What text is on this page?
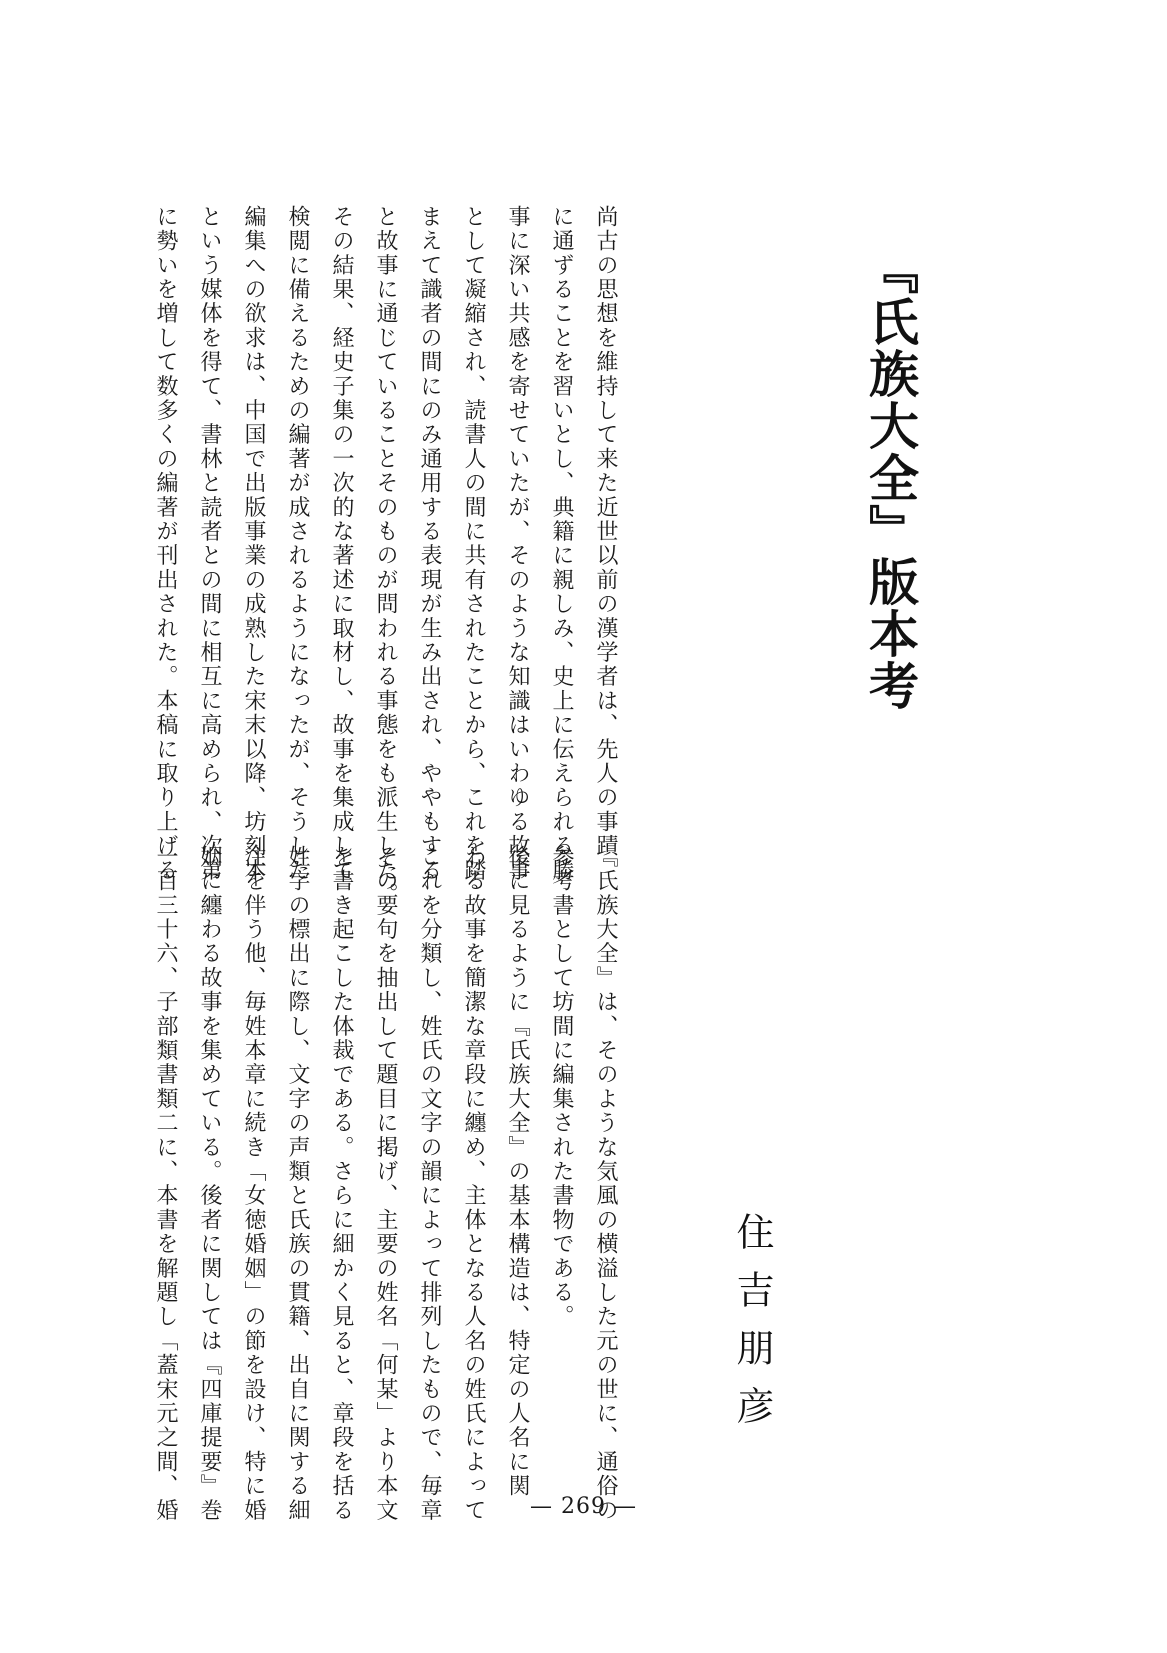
『氏族大全』版本考
住吉朋彦
尚古の思想を維持して来た近世以前の漢学者は、先人の事蹟
に通ずることを習いとし、典籍に親しみ、史上に伝えられる勝
事に深い共感を寄せていたが、そのような知識はいわゆる故事
として凝縮され、読書人の間に共有されたことから、これを踏
まえて識者の間にのみ通用する表現が生み出され、ややもする
と故事に通じていることそのものが問われる事態をも派生した。
その結果、経史子集の一次的な著述に取材し、故事を集成して
検閲に備えるための編著が成されるようになったが、そうした
編集への欲求は、中国で出版事業の成熟した宋末以降、坊刻本
という媒体を得て、書林と読者との間に相互に高められ、次第
に勢いを増して数多くの編著が刊出された。本稿に取り上げる
『氏族大全』は、そのような気風の横溢した元の世に、通俗の
参考書として坊間に編集された書物である。
後に見るように『氏族大全』の基本構造は、特定の人名に関
わる故事を簡潔な章段に纏め、主体となる人名の姓氏によって
これを分類し、姓氏の文字の韻によって排列したもので、毎章
その要句を抽出して題目に掲げ、主要の姓名「何某」より本文
を書き起こした体裁である。さらに細かく見ると、章段を括る
姓字の標出に際し、文字の声類と氏族の貫籍、出自に関する細
注を伴う他、毎姓本章に続き「女徳婚姻」の節を設け、特に婚
姻に纏わる故事を集めている。後者に関しては『四庫提要』巻
一百三十六、子部類書類二に、本書を解題し「蓋宋元之間、婚	— 269 —
